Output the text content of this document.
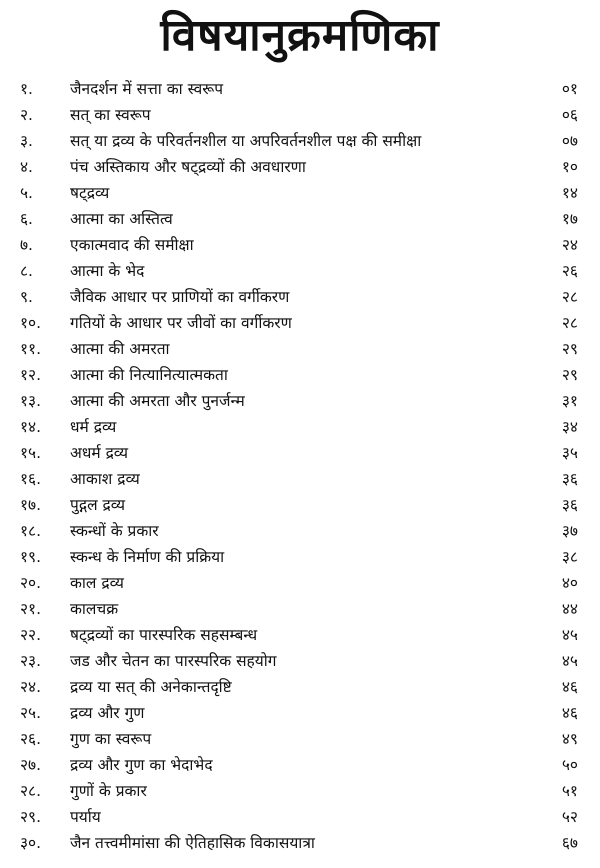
विषयानुक्रमणिका
१. जैनदर्शन में सत्ता का स्वरूप	०१
२. सत् का स्वरूप	०६
३. सत् या द्रव्य के परिवर्तनशील या अपरिवर्तनशील पक्ष की समीक्षा	०७
४. पंच अस्तिकाय और षट्द्रव्यों की अवधारणा	१०
५. षट्द्रव्य	१४
६. आत्मा का अस्तित्व	१७
७. एकात्मवाद की समीक्षा	२४
८. आत्मा के भेद	२६
९. जैविक आधार पर प्राणियों का वर्गीकरण	२८
१०. गतियों के आधार पर जीवों का वर्गीकरण	२८
११. आत्मा की अमरता	२९
१२. आत्मा की नित्यानित्यात्मकता	२९
१३. आत्मा की अमरता और पुनर्जन्म	३१
१४. धर्म द्रव्य	३४
१५. अधर्म द्रव्य	३५
१६. आकाश द्रव्य	३६
१७. पुद्गल द्रव्य	३६
१८. स्कन्धों के प्रकार	३७
१९. स्कन्ध के निर्माण की प्रक्रिया	३८
२०. काल द्रव्य	४०
२१. कालचक्र	४४
२२. षट्द्रव्यों का पारस्परिक सहसम्बन्ध	४५
२३. जड और चेतन का पारस्परिक सहयोग	४५
२४. द्रव्य या सत् की अनेकान्तदृष्टि	४६
२५. द्रव्य और गुण	४६
२६. गुण का स्वरूप	४९
२७. द्रव्य और गुण का भेदाभेद	५०
२८. गुणों के प्रकार	५१
२९. पर्याय	५२
३०. जैन तत्त्वमीमांसा की ऐतिहासिक विकासयात्रा	६७
